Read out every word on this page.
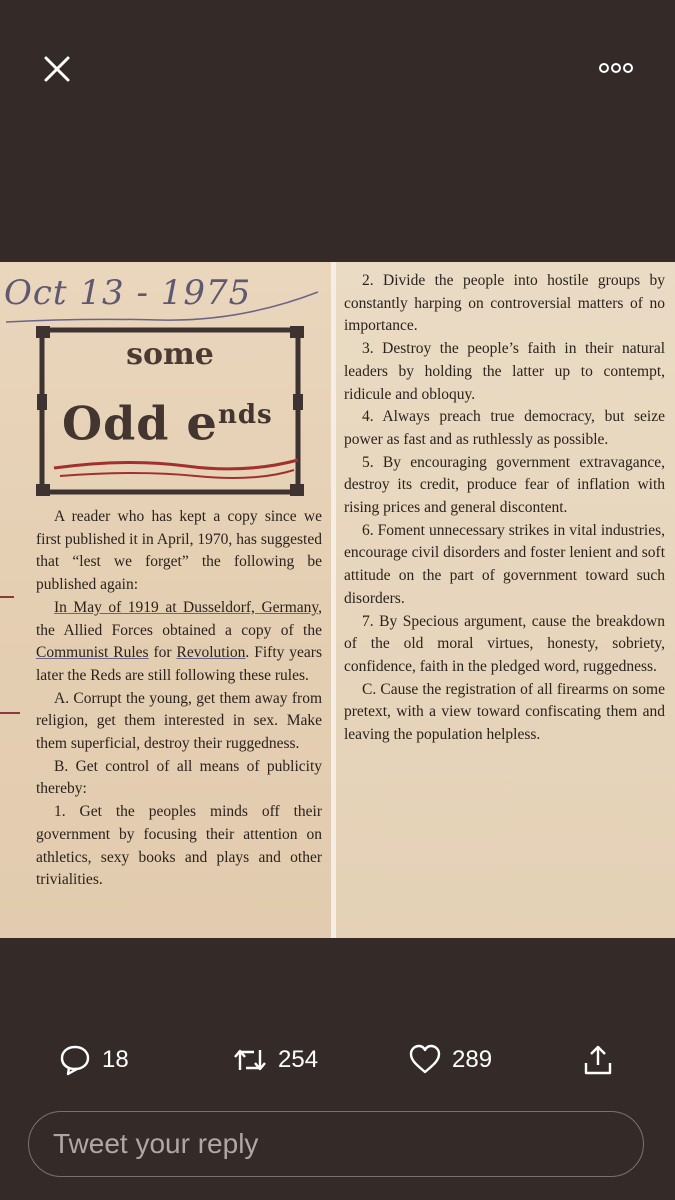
Oct 13 - 1975
some
Odd $e^{nds}$

A reader who has kept a copy since we first published it in April, 1970, has suggested that “lest we forget” the following be published again:

In May of 1919 at Dusseldorf, Germany, the Allied Forces obtained a copy of the Communist Rules for Revolution. Fifty years later the Reds are still following these rules.

A. Corrupt the young, get them away from religion, get them interested in sex. Make them superficial, destroy their ruggedness.

B. Get control of all means of publicity thereby:

1. Get the peoples minds off their government by focusing their attention on athletics, sexy books and plays and other trivialities.

2. Divide the people into hostile groups by constantly harping on controversial matters of no importance.

3. Destroy the people’s faith in their natural leaders by holding the latter up to contempt, ridicule and obloquy.

4. Always preach true democracy, but seize power as fast and as ruthlessly as possible.

5. By encouraging government extravagance, destroy its credit, produce fear of inflation with rising prices and general discontent.

6. Foment unnecessary strikes in vital industries, encourage civil disorders and foster lenient and soft attitude on the part of government toward such disorders.

7. By Specious argument, cause the breakdown of the old moral virtues, honesty, sobriety, confidence, faith in the pledged word, ruggedness.

C. Cause the registration of all firearms on some pretext, with a view toward confiscating them and leaving the population helpless.

18	254	289
Tweet your reply
